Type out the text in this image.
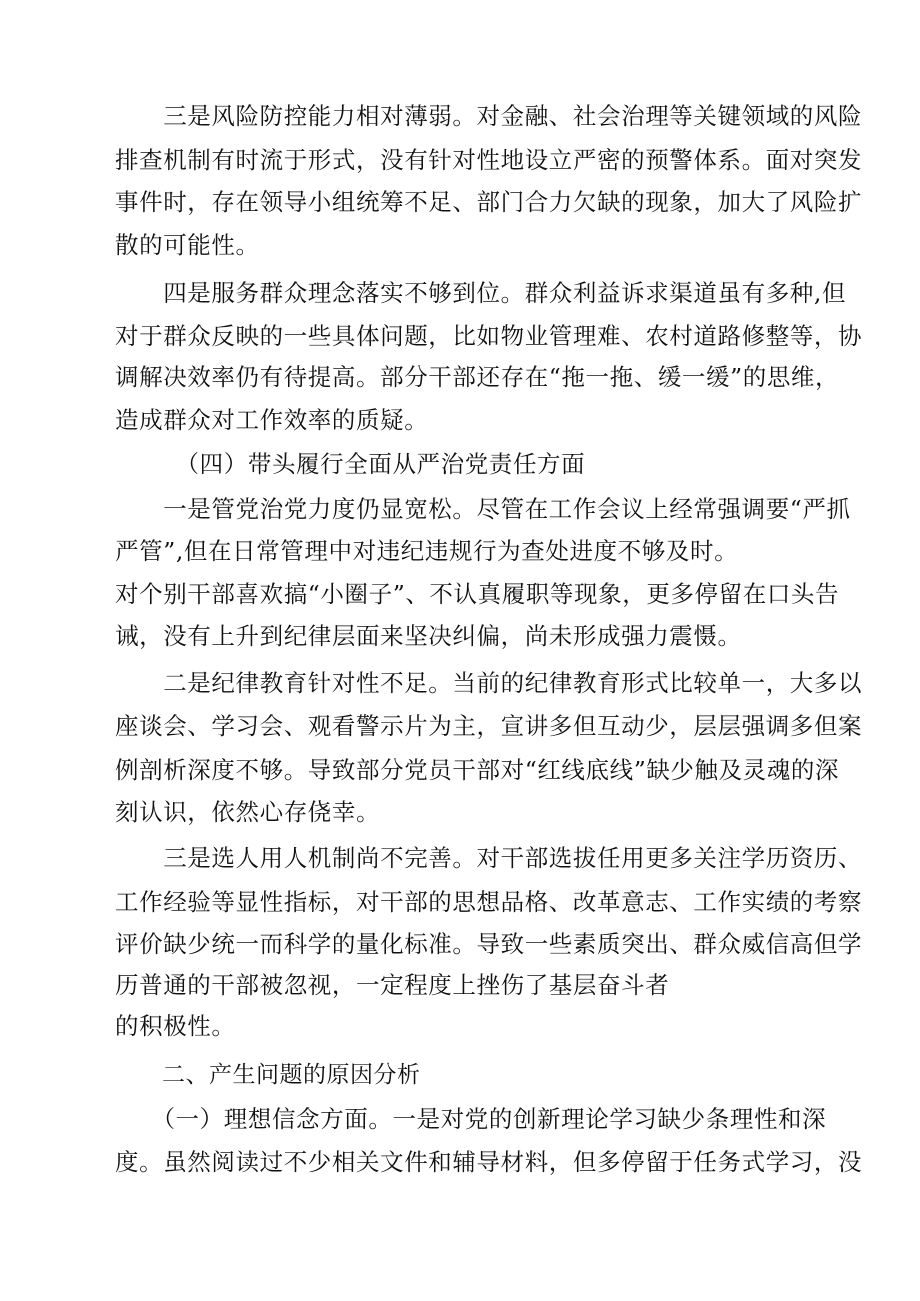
　　三是风险防控能力相对薄弱。对金融、社会治理等关键领域的风险
排查机制有时流于形式，没有针对性地设立严密的预警体系。面对突发
事件时，存在领导小组统筹不足、部门合力欠缺的现象，加大了风险扩
散的可能性。
　　四是服务群众理念落实不够到位。群众利益诉求渠道虽有多种,但
对于群众反映的一些具体问题，比如物业管理难、农村道路修整等，协
调解决效率仍有待提高。部分干部还存在“拖一拖、缓一缓”的思维，
造成群众对工作效率的质疑。
　　　（四）带头履行全面从严治党责任方面
　　一是管党治党力度仍显宽松。尽管在工作会议上经常强调要“严抓
严管”,但在日常管理中对违纪违规行为查处进度不够及时。
对个别干部喜欢搞“小圈子”、不认真履职等现象，更多停留在口头告
诫，没有上升到纪律层面来坚决纠偏，尚未形成强力震慑。
　　二是纪律教育针对性不足。当前的纪律教育形式比较单一，大多以
座谈会、学习会、观看警示片为主，宣讲多但互动少，层层强调多但案
例剖析深度不够。导致部分党员干部对“红线底线”缺少触及灵魂的深
刻认识，依然心存侥幸。
　　三是选人用人机制尚不完善。对干部选拔任用更多关注学历资历、
工作经验等显性指标，对干部的思想品格、改革意志、工作实绩的考察
评价缺少统一而科学的量化标准。导致一些素质突出、群众威信高但学
历普通的干部被忽视，一定程度上挫伤了基层奋斗者
的积极性。
　　二、产生问题的原因分析
　　（一）理想信念方面。一是对党的创新理论学习缺少条理性和深
度。虽然阅读过不少相关文件和辅导材料，但多停留于任务式学习，没
